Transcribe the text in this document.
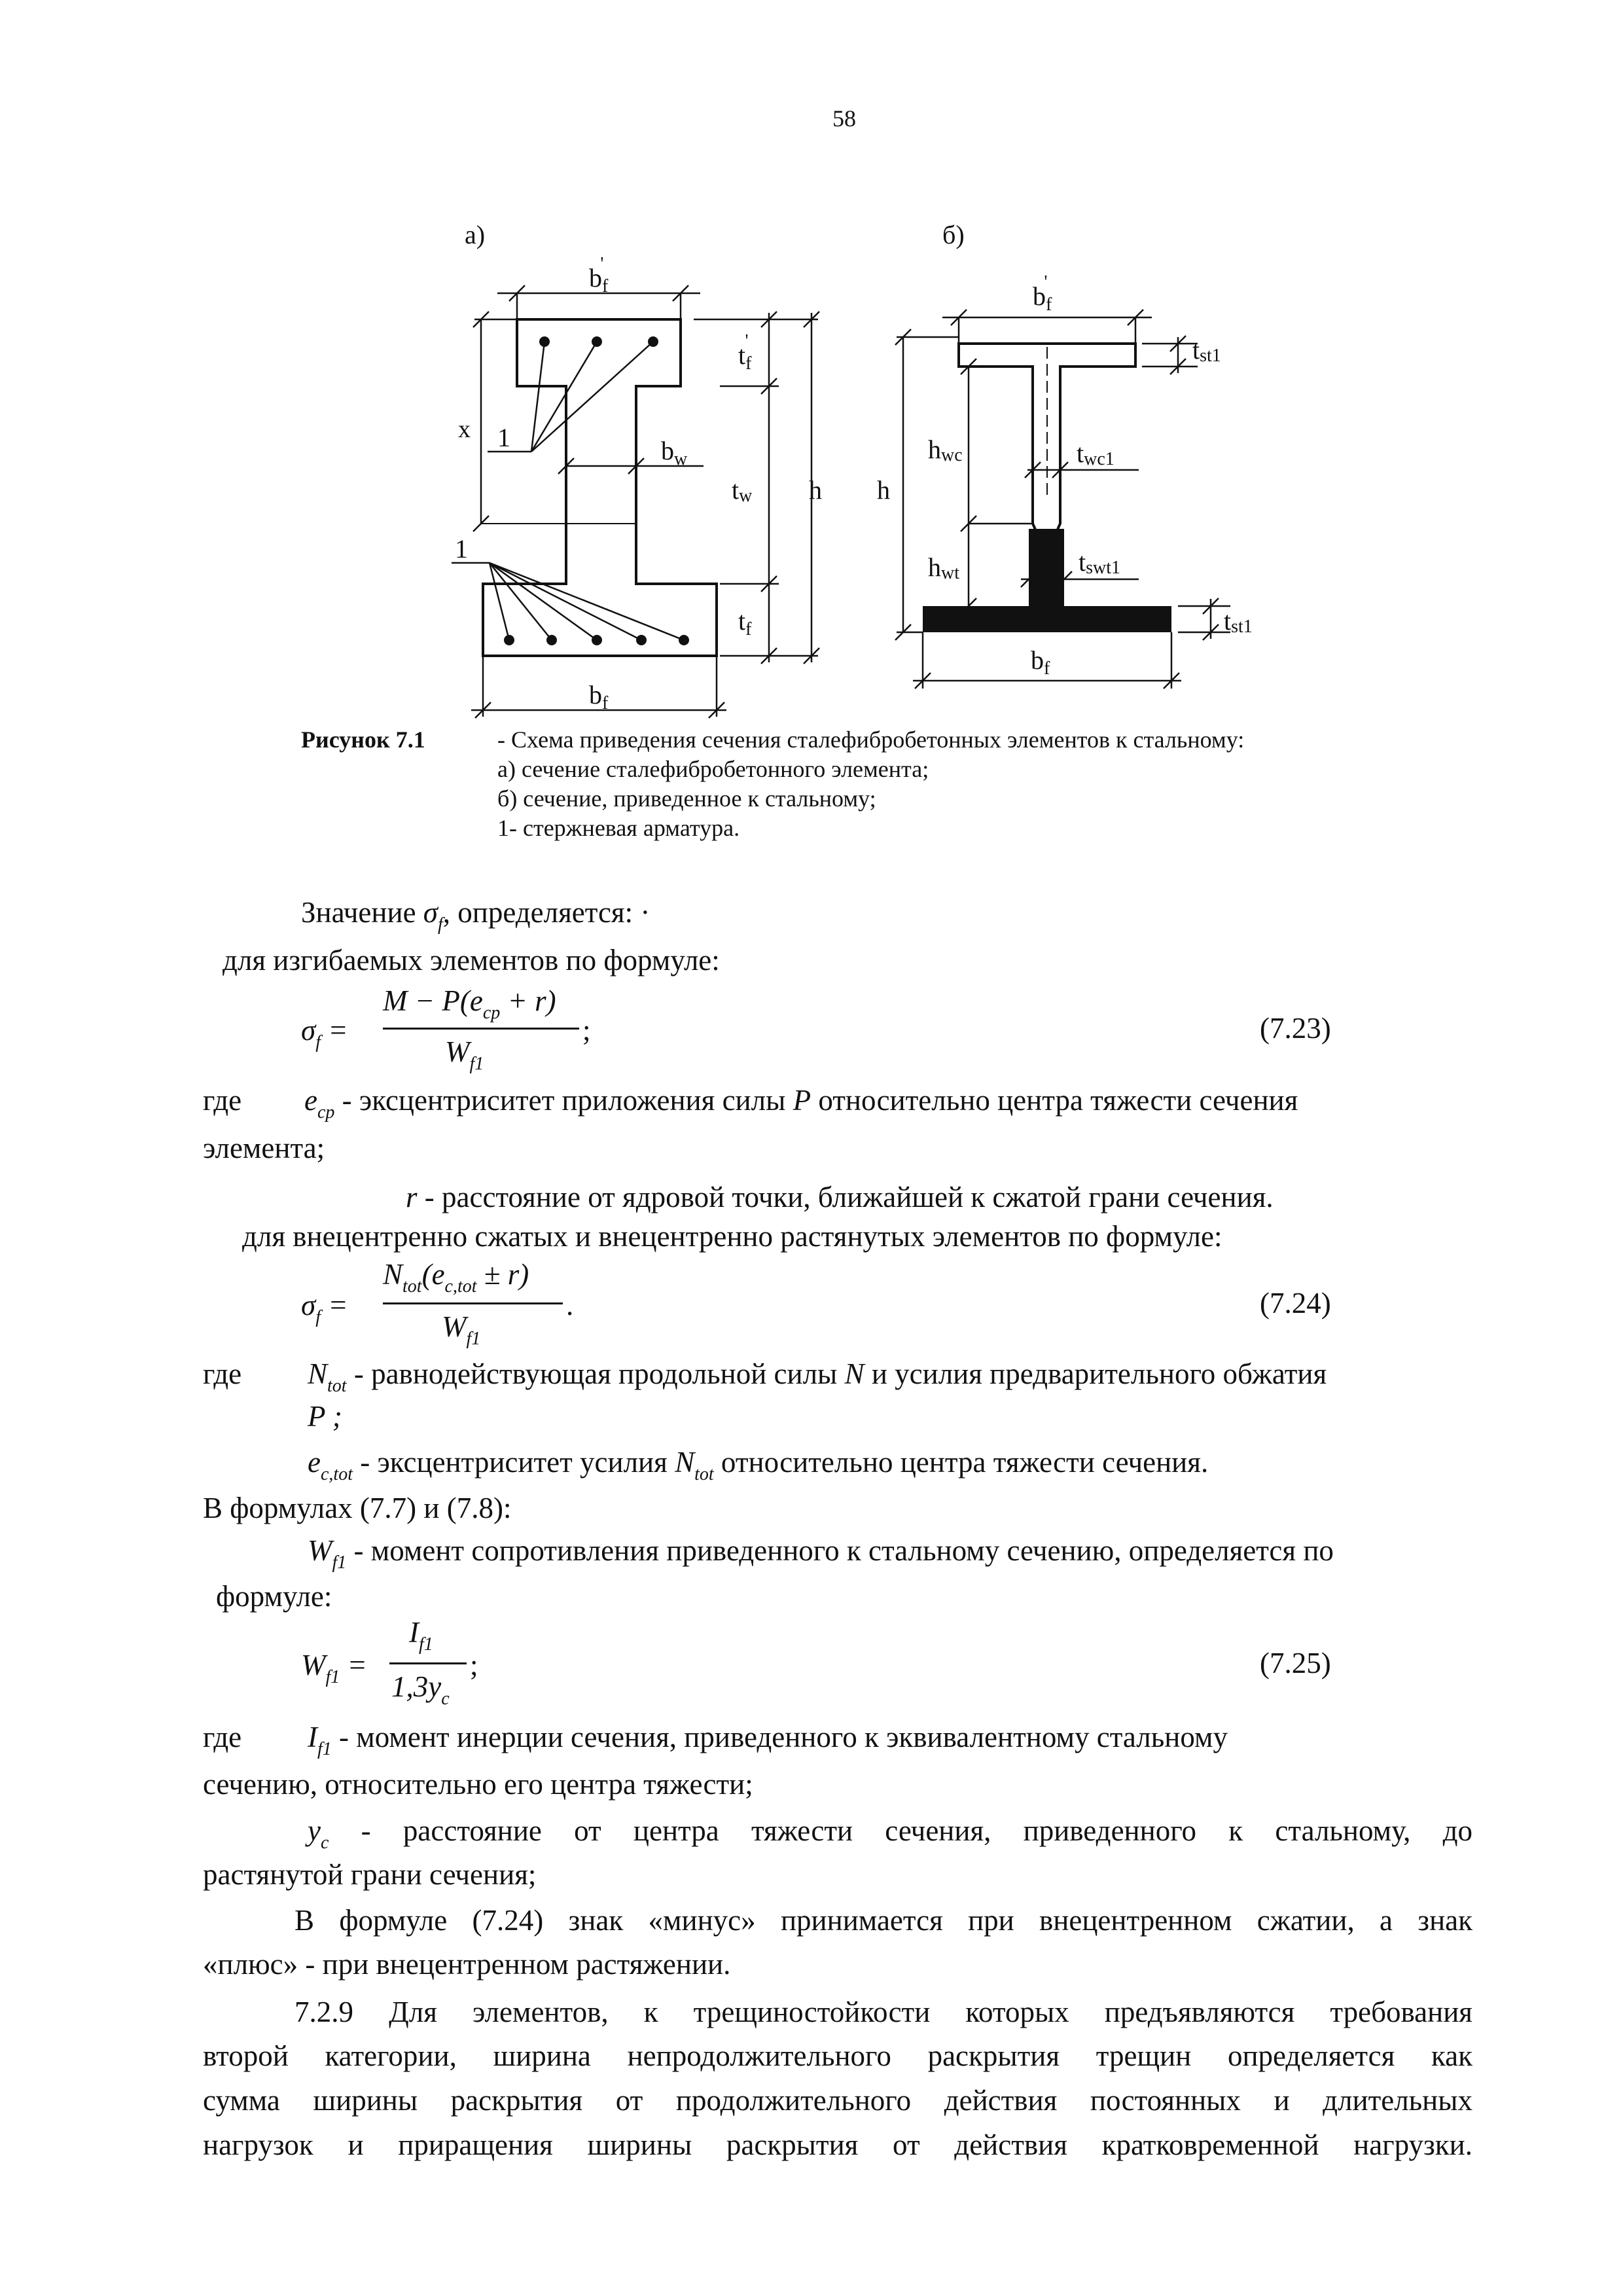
58
а)	б)
1
1
x
$b_f'$
$b_f$
$b_w$
$t_f'$
tw
$t_f$
h
$b_f'$
$b_f$
h
hwc
hwt
twc1
tswt1
tst1
tst1
Рисунок 7.1	- Схема приведения сечения сталефибробетонных элементов к стальному:
а) сечение сталефибробетонного элемента;
б) сечение, приведенное к стальному;
1- стержневая арматура.
Значение $\sigma_f$, определяется: ·
для изгибаемых элементов по формуле:
$\sigma_f$ =
$M - P(e_{cp} + r)$
$W_{f1}$
;	(7.23)
где $e_{cp}$ - эксцентриситет приложения силы P относительно центра тяжести сечения
элемента;
r - расстояние от ядровой точки, ближайшей к сжатой грани сечения.
для внецентренно сжатых и внецентренно растянутых элементов по формуле:
$\sigma_f$ =
$N_{tot}(e_{c,tot} \pm r)$
$W_{f1}$
.	(7.24)
где $N_{tot}$ - равнодействующая продольной силы N и усилия предварительного обжатия
P ;
$e_{c,tot}$ - эксцентриситет усилия $N_{tot}$ относительно центра тяжести сечения.
В формулах (7.7) и (7.8):
$W_{f1}$ - момент сопротивления приведенного к стальному сечению, определяется по
формуле:
$W_{f1}$ =
$I_{f1}$
$1,3y_c$
;	(7.25)
где $I_{f1}$ - момент инерции сечения, приведенного к эквивалентному стальному
сечению, относительно его центра тяжести;
$y_c$ - расстояние от центра тяжести сечения, приведенного к стальному, до
растянутой грани сечения;
В формуле (7.24) знак «минус» принимается при внецентренном сжатии, а знак
«плюс» - при внецентренном растяжении.
7.2.9 Для элементов, к трещиностойкости которых предъявляются требования
второй категории, ширина непродолжительного раскрытия трещин определяется как
сумма ширины раскрытия от продолжительного действия постоянных и длительных
нагрузок и приращения ширины раскрытия от действия кратковременной нагрузки.
